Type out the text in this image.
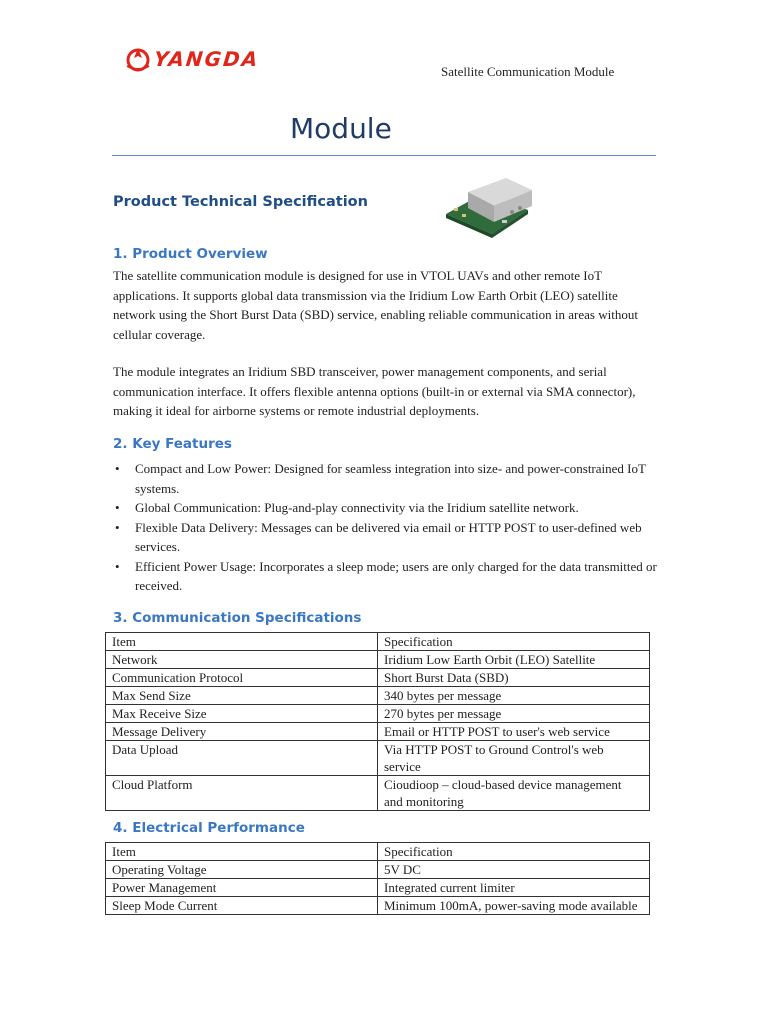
YANGDA
Satellite Communication Module
Module
Product Technical Specification
1. Product Overview

The satellite communication module is designed for use in VTOL UAVs and other remote IoT applications. It supports global data transmission via the Iridium Low Earth Orbit (LEO) satellite network using the Short Burst Data (SBD) service, enabling reliable communication in areas without cellular coverage.

The module integrates an Iridium SBD transceiver, power management components, and serial communication interface. It offers flexible antenna options (built-in or external via SMA connector), making it ideal for airborne systems or remote industrial deployments.

2. Key Features
• Compact and Low Power: Designed for seamless integration into size- and power-constrained IoT systems.
• Global Communication: Plug-and-play connectivity via the Iridium satellite network.
• Flexible Data Delivery: Messages can be delivered via email or HTTP POST to user-defined web services.
• Efficient Power Usage: Incorporates a sleep mode; users are only charged for the data transmitted or received.
3. Communication Specifications
Item	Specification
Network	Iridium Low Earth Orbit (LEO) Satellite
Communication Protocol	Short Burst Data (SBD)
Max Send Size	340 bytes per message
Max Receive Size	270 bytes per message
Message Delivery	Email or HTTP POST to user's web service
Data Upload	Via HTTP POST to Ground Control's web service
Cloud Platform	Cioudioop – cloud-based device management and monitoring
4. Electrical Performance
Item	Specification
Operating Voltage	5V DC
Power Management	Integrated current limiter
Sleep Mode Current	Minimum 100mA, power-saving mode available
